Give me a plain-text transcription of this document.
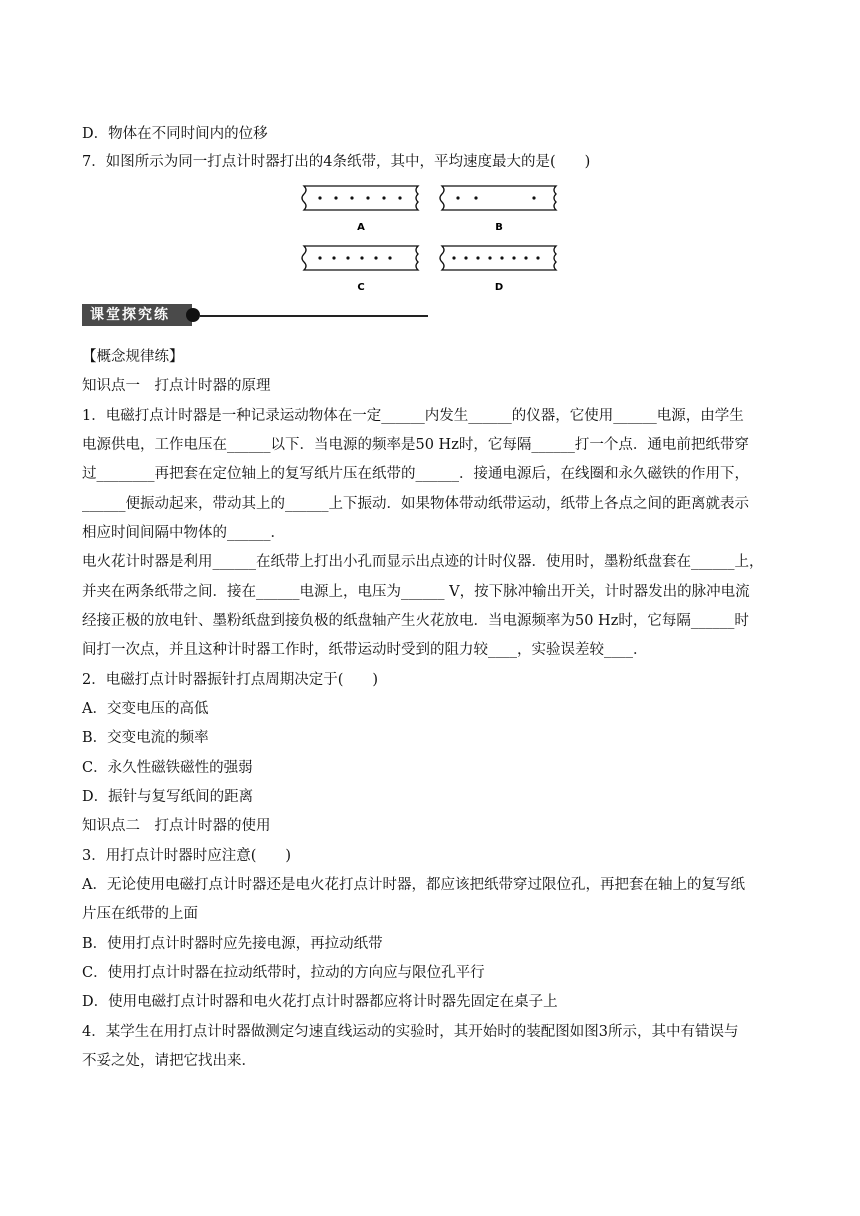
D．物体在不同时间内的位移
7．如图所示为同一打点计时器打出的4条纸带，其中，平均速度最大的是(　　)
A	B
C	D
课堂探究练
【概念规律练】
知识点一　打点计时器的原理
1．电磁打点计时器是一种记录运动物体在一定______内发生______的仪器，它使用______电源，由学生
电源供电，工作电压在______以下．当电源的频率是50 Hz时，它每隔______打一个点．通电前把纸带穿
过________再把套在定位轴上的复写纸片压在纸带的______．接通电源后，在线圈和永久磁铁的作用下，
______便振动起来，带动其上的______上下振动．如果物体带动纸带运动，纸带上各点之间的距离就表示
相应时间间隔中物体的______．
电火花计时器是利用______在纸带上打出小孔而显示出点迹的计时仪器．使用时，墨粉纸盘套在______上，
并夹在两条纸带之间．接在______电源上，电压为______ V，按下脉冲输出开关，计时器发出的脉冲电流
经接正极的放电针、墨粉纸盘到接负极的纸盘轴产生火花放电．当电源频率为50 Hz时，它每隔______时
间打一次点，并且这种计时器工作时，纸带运动时受到的阻力较____，实验误差较____．
2．电磁打点计时器振针打点周期决定于(　　)
A．交变电压的高低
B．交变电流的频率
C．永久性磁铁磁性的强弱
D．振针与复写纸间的距离
知识点二　打点计时器的使用
3．用打点计时器时应注意(　　)
A．无论使用电磁打点计时器还是电火花打点计时器，都应该把纸带穿过限位孔，再把套在轴上的复写纸
片压在纸带的上面
B．使用打点计时器时应先接电源，再拉动纸带
C．使用打点计时器在拉动纸带时，拉动的方向应与限位孔平行
D．使用电磁打点计时器和电火花打点计时器都应将计时器先固定在桌子上
4．某学生在用打点计时器做测定匀速直线运动的实验时，其开始时的装配图如图3所示，其中有错误与
不妥之处，请把它找出来．
